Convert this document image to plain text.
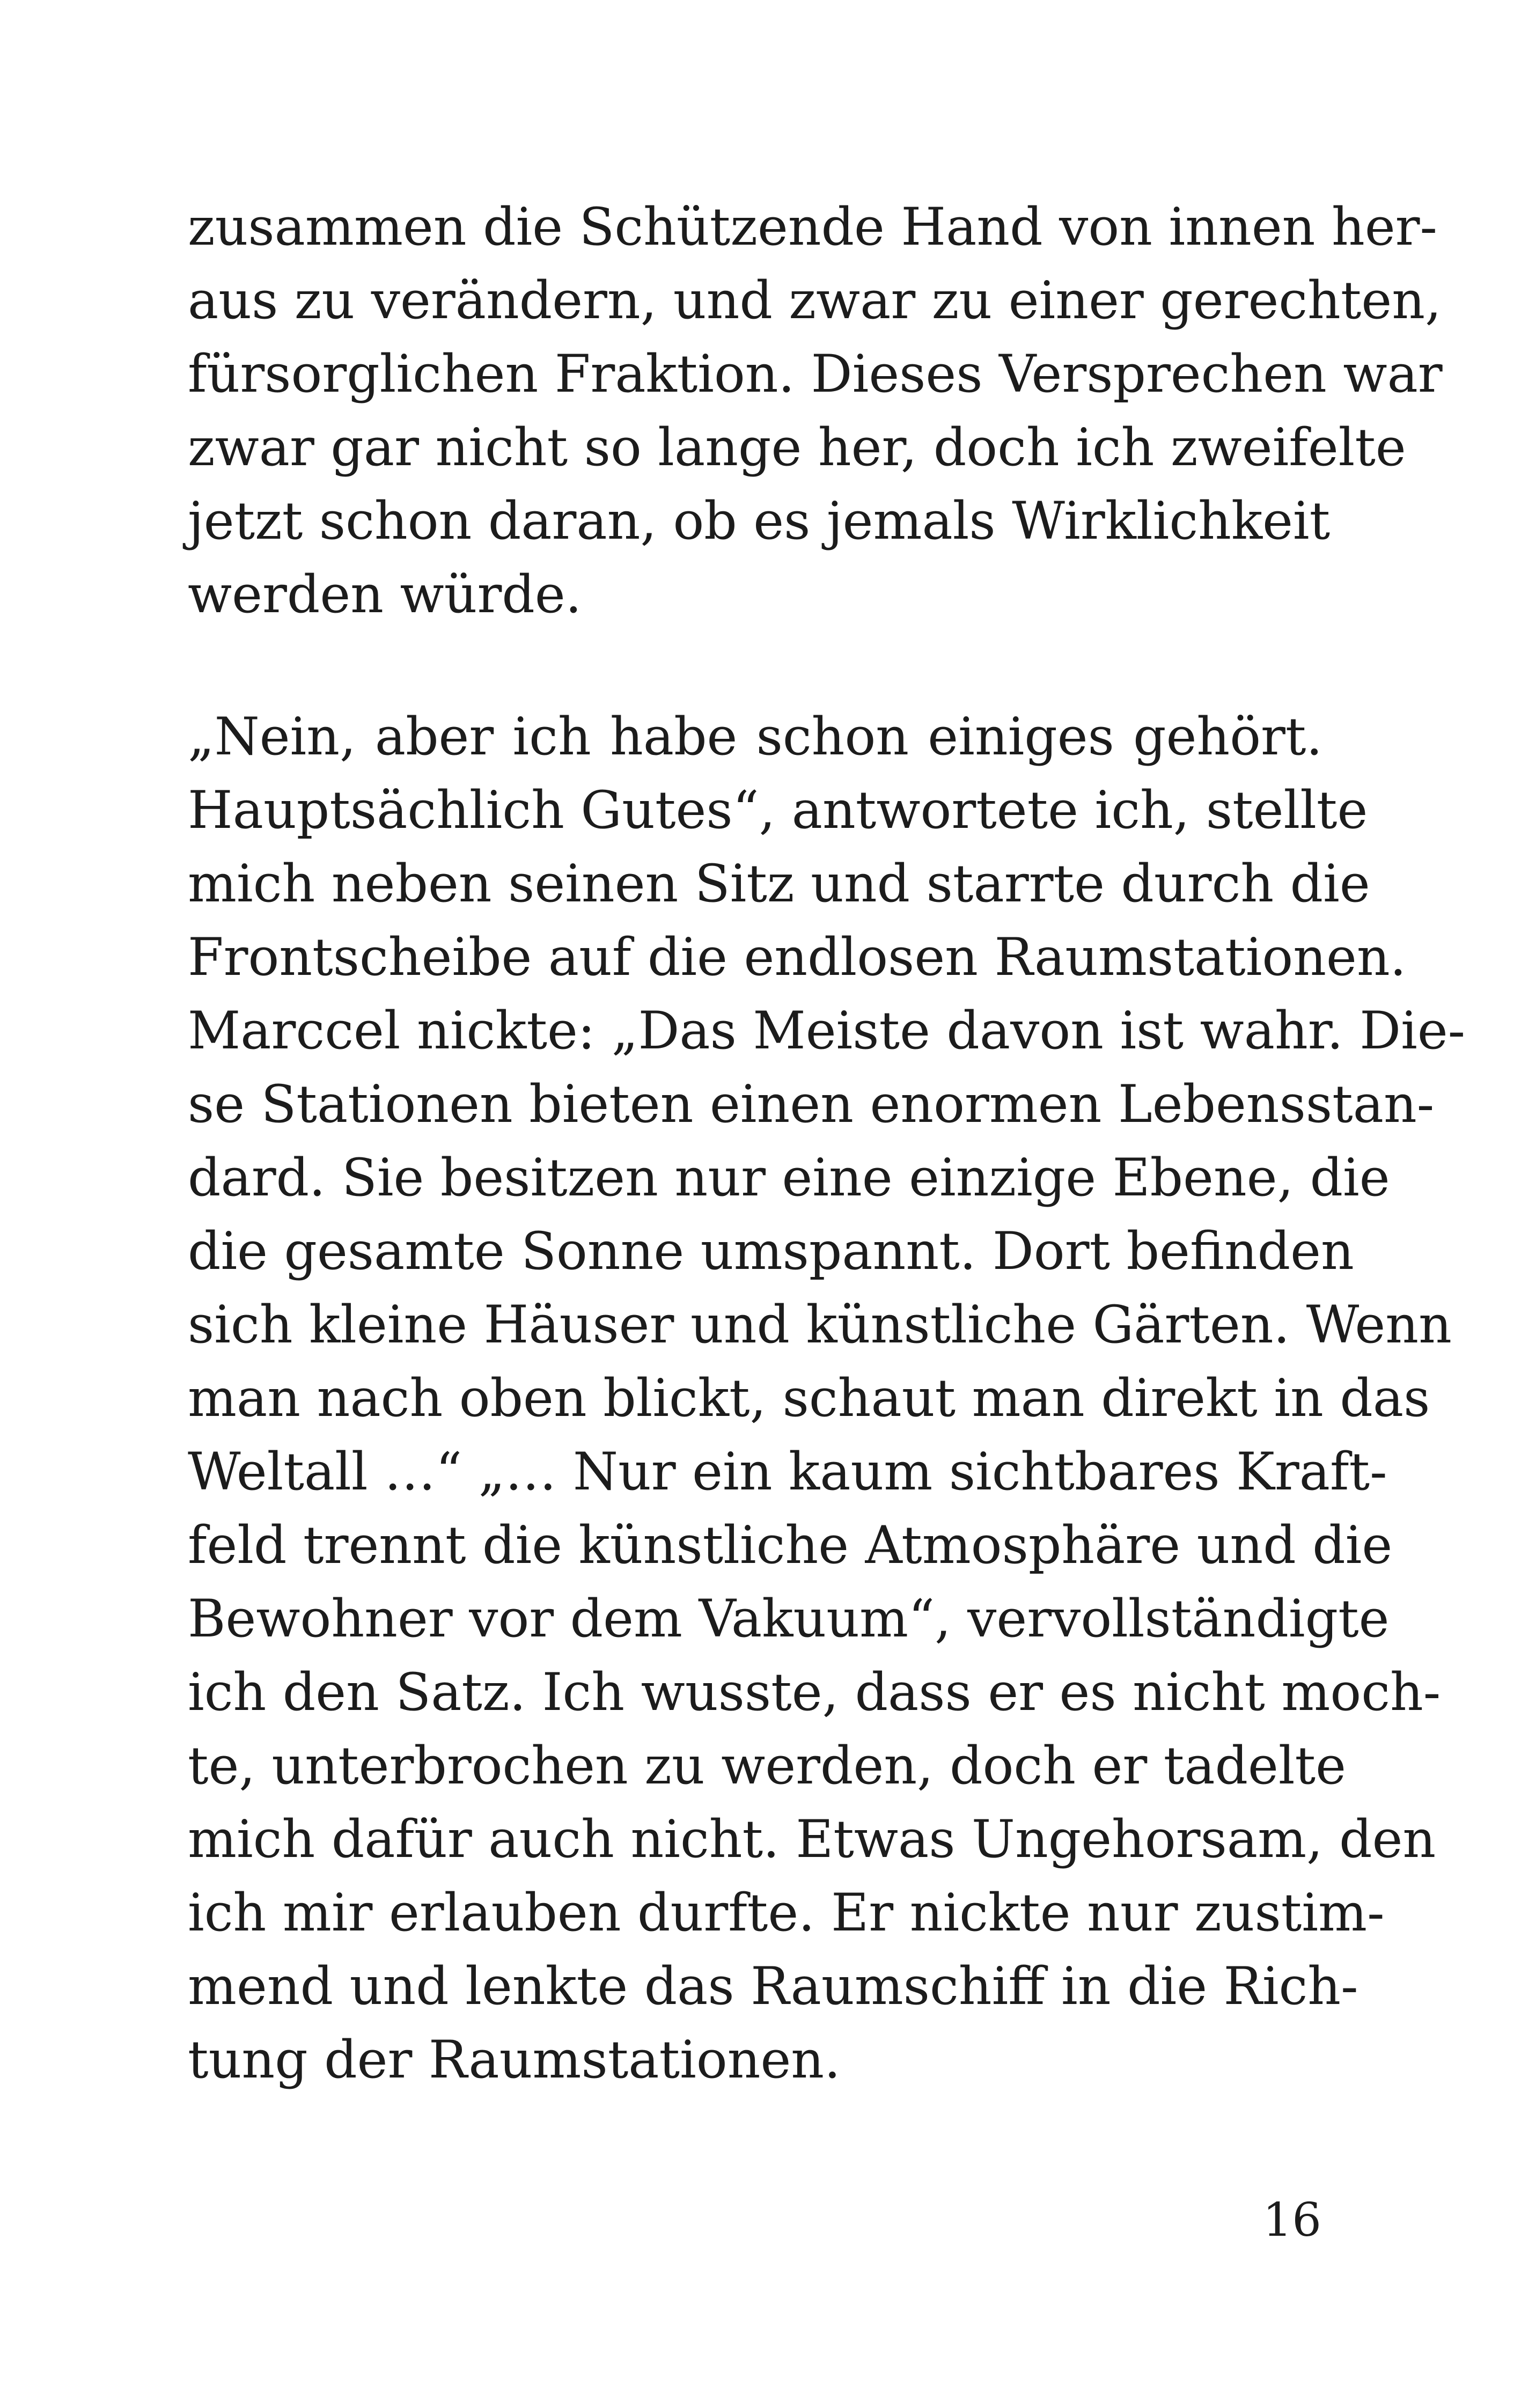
zusammen die Schützende Hand von innen her-
aus zu verändern, und zwar zu einer gerechten,
fürsorglichen Fraktion. Dieses Versprechen war
zwar gar nicht so lange her, doch ich zweifelte
jetzt schon daran, ob es jemals Wirklichkeit
werden würde.
„Nein, aber ich habe schon einiges gehört.
Hauptsächlich Gutes“, antwortete ich, stellte
mich neben seinen Sitz und starrte durch die
Frontscheibe auf die endlosen Raumstationen.
Marccel nickte: „Das Meiste davon ist wahr. Die-
se Stationen bieten einen enormen Lebensstan-
dard. Sie besitzen nur eine einzige Ebene, die
die gesamte Sonne umspannt. Dort befinden
sich kleine Häuser und künstliche Gärten. Wenn
man nach oben blickt, schaut man direkt in das
Weltall …“ „… Nur ein kaum sichtbares Kraft-
feld trennt die künstliche Atmosphäre und die
Bewohner vor dem Vakuum“, vervollständigte
ich den Satz. Ich wusste, dass er es nicht moch-
te, unterbrochen zu werden, doch er tadelte
mich dafür auch nicht. Etwas Ungehorsam, den
ich mir erlauben durfte. Er nickte nur zustim-
mend und lenkte das Raumschiff in die Rich-
tung der Raumstationen.
16
